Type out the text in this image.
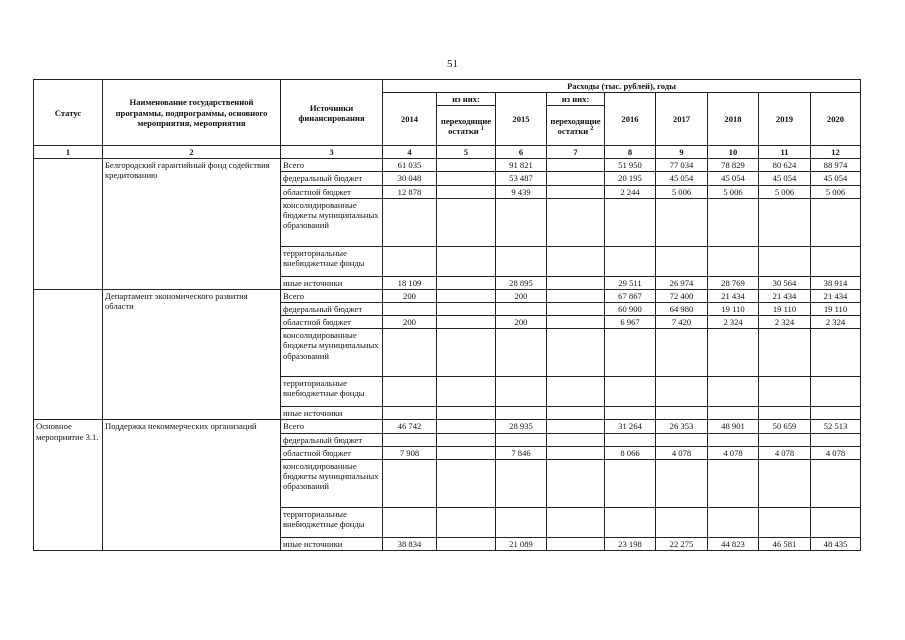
51
Статус	Наименование государственной программы, подпрограммы, основного мероприятия, мероприятия	Источники финансирования	Расходы (тыс. рублей), годы								
			2014	из них:	2015	из них:	2016	2017	2018	2019	2020
				переходящие остатки $^1$		переходящие остатки $^2$
1	2	3	4	5	6	7	8	9	10	11	12
	Белгородский гарантийный фонд содействия кредитованию	Всего	61 035		91 821		51 950	77 034	78 829	80 624	88 974
		федеральный бюджет	30 048		53 487		20 195	45 054	45 054	45 054	45 054
		областной бюджет	12 878		9 439		2 244	5 006	5 006	5 006	5 006
		консолидированные бюджеты муниципальных образований									
		территориальные внебюджетные фонды									
		иные источники	18 109		28 895		29 511	26 974	28 769	30 564	38 914
	Департамент экономического развития области	Всего	200		200		67 867	72 400	21 434	21 434	21 434
		федеральный бюджет					60 900	64 980	19 110	19 110	19 110
		областной бюджет	200		200		6 967	7 420	2 324	2 324	2 324
		консолидированные бюджеты муниципальных образований									
		территориальные внебюджетные фонды									
		иные источники									
Основное мероприятие 3.1.	Поддержка некоммерческих организаций	Всего	46 742		28 935		31 264	26 353	48 901	50 659	52 513
		федеральный бюджет									
		областной бюджет	7 908		7 846		8 066	4 078	4 078	4 078	4 078
		консолидированные бюджеты муниципальных образований									
		территориальные внебюджетные фонды									
		иные источники	38 834		21 089		23 198	22 275	44 823	46 581	48 435
